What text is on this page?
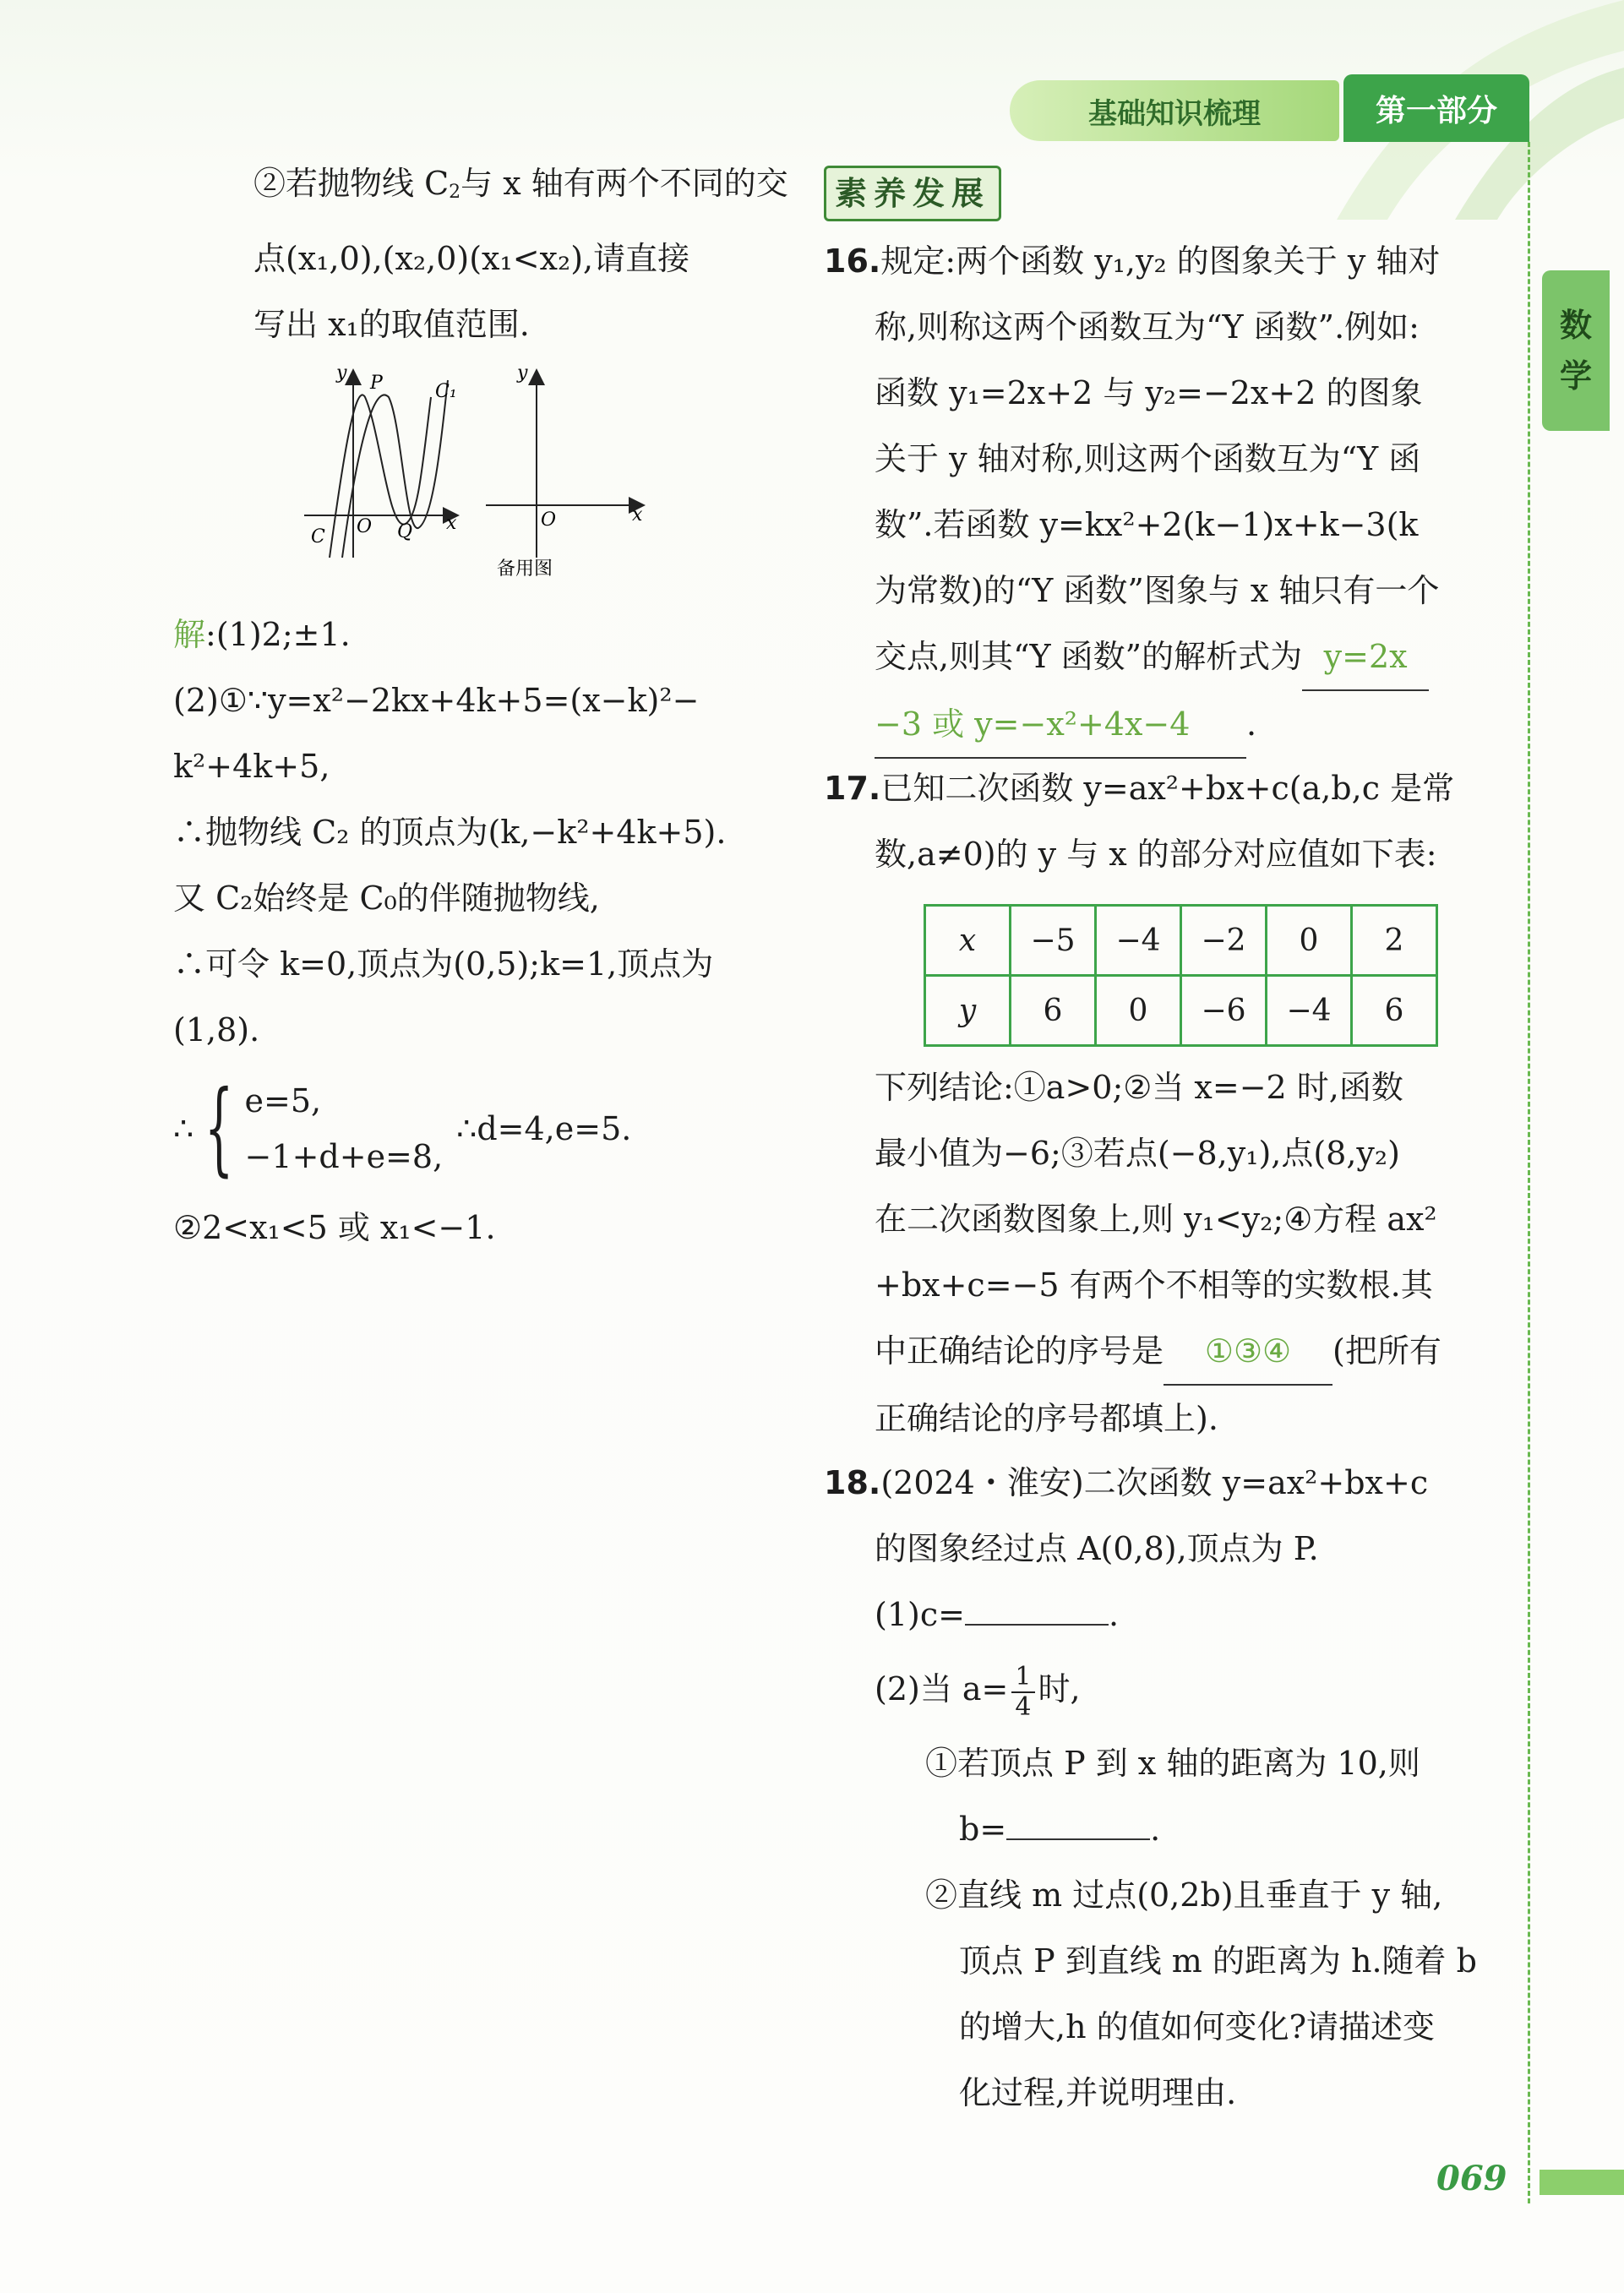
基础知识梳理	第一部分
数
学
②若抛物线 C2与 x 轴有两个不同的交
点(x₁,0),(x₂,0)(x₁<x₂),请直接
写出 x₁的取值范围.
y P	C₁
C O Q x
y
O	x
备用图
解:(1)2;±1.
(2)①∵y=x²−2kx+4k+5=(x−k)²−
k²+4k+5,
∴抛物线 C₂ 的顶点为(k,−k²+4k+5).
又 C₂始终是 C₀的伴随抛物线,
∴可令 k=0,顶点为(0,5);k=1,顶点为
(1,8).
∴ { e=5,
−1+d+e=8,
∴d=4,e=5.
②2<x₁<5 或 x₁<−1.
素养发展
16.规定:两个函数 y₁,y₂ 的图象关于 y 轴对
称,则称这两个函数互为“Y 函数”.例如:
函数 y₁=2x+2 与 y₂=−2x+2 的图象
关于 y 轴对称,则这两个函数互为“Y 函
数”.若函数 y=kx²+2(k−1)x+k−3(k
为常数)的“Y 函数”图象与 x 轴只有一个
交点,则其“Y 函数”的解析式为 y=2x
−3 或 y=−x²+4x−4 .
17.已知二次函数 y=ax²+bx+c(a,b,c 是常
数,a≠0)的 y 与 x 的部分对应值如下表:
x	−5	−4	−2	0	2
y	6	0	−6	−4	6
下列结论:①a>0;②当 x=−2 时,函数
最小值为−6;③若点(−8,y₁),点(8,y₂)
在二次函数图象上,则 y₁<y₂;④方程 ax²
+bx+c=−5 有两个不相等的实数根.其
中正确结论的序号是 ①③④ (把所有
正确结论的序号都填上).
18.(2024・淮安)二次函数 y=ax²+bx+c
的图象经过点 A(0,8),顶点为 P.
(1)c=	.
(2)当 $a= \frac{1}{4}$ 时,
①若顶点 P 到 x 轴的距离为 10,则
b=	.
②直线 m 过点(0,2b)且垂直于 y 轴,
顶点 P 到直线 m 的距离为 h.随着 b
的增大,h 的值如何变化?请描述变
化过程,并说明理由.
069
